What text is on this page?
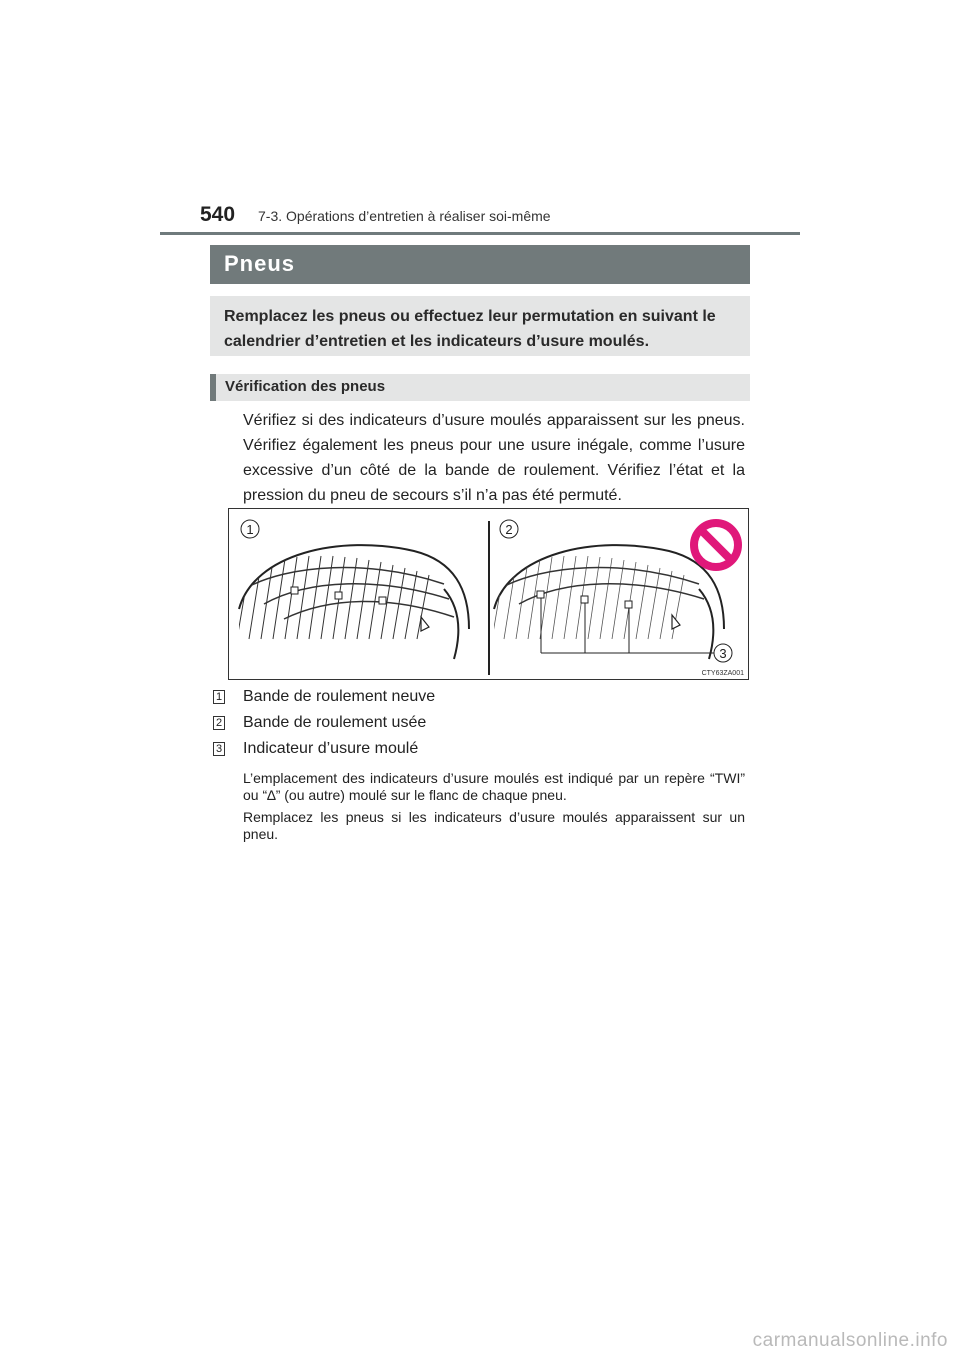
540 7-3. Opérations d’entretien à réaliser soi-même
Pneus
Remplacez les pneus ou effectuez leur permutation en suivant le calendrier d’entretien et les indicateurs d’usure moulés.
Vérification des pneus
Vérifiez si des indicateurs d’usure moulés apparaissent sur les pneus. Vérifiez également les pneus pour une usure inégale, comme l’usure excessive d’un côté de la bande de roulement. Vérifiez l’état et la pression du pneu de secours s’il n’a pas été permuté.
1	2
3
CTY63ZA001
1 Bande de roulement neuve
2 Bande de roulement usée
3 Indicateur d’usure moulé
L’emplacement des indicateurs d’usure moulés est indiqué par un repère “TWI” ou “∆” (ou autre) moulé sur le flanc de chaque pneu.
Remplacez les pneus si les indicateurs d’usure moulés apparaissent sur un pneu.
carmanualsonline.info
